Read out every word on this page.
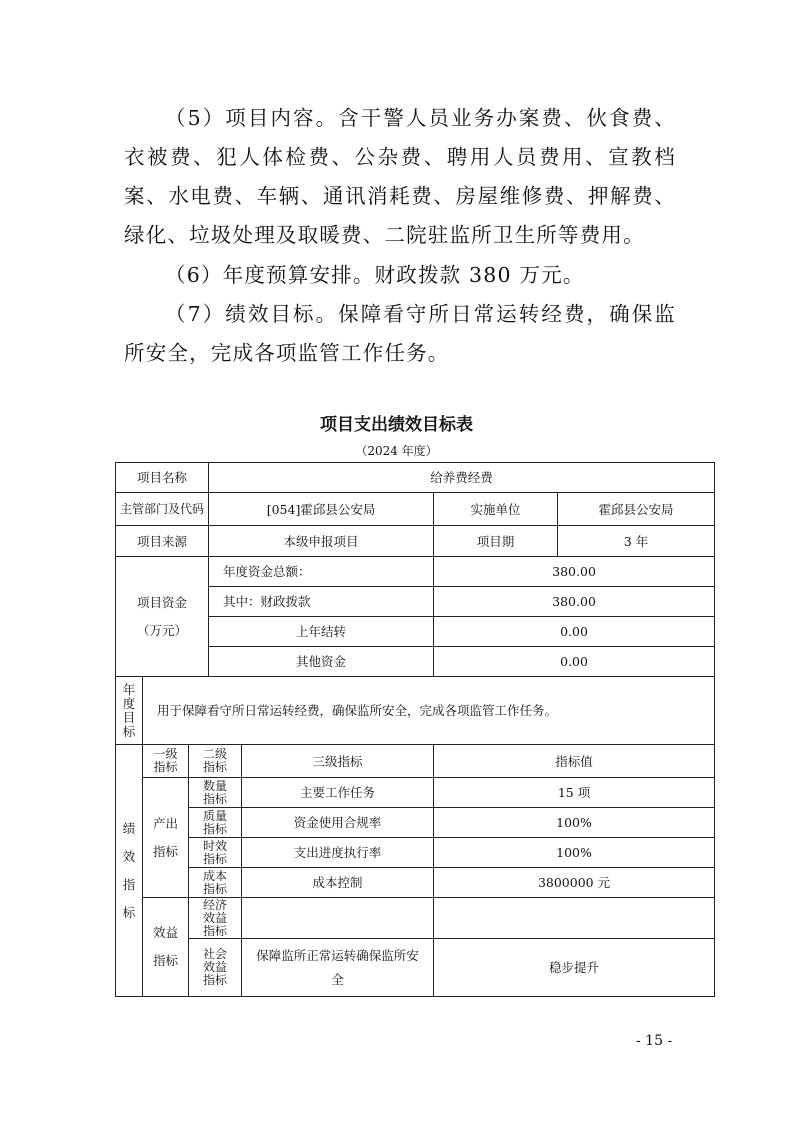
（5）项目内容。含干警人员业务办案费、伙食费、衣被费、犯人体检费、公杂费、聘用人员费用、宣教档案、水电费、车辆、通讯消耗费、房屋维修费、押解费、绿化、垃圾处理及取暖费、二院驻监所卫生所等费用。

（6）年度预算安排。财政拨款 380 万元。

（7）绩效目标。保障看守所日常运转经费，确保监所安全，完成各项监管工作任务。

项目支出绩效目标表

（2024 年度）
项目名称			给养费经费			
主管部门及代码			[054]霍邱县公安局		实施单位	霍邱县公安局
项目来源			本级申报项目		项目期	3 年

项目资金
（万元）			年度资金总额：		380.00	
			其中：财政拨款		380.00	
			上年结转		0.00	
			其他资金		0.00	
年度目标	用于保障看守所日常运转经费，确保监所安全，完成各项监管工作任务。					
绩效指标	一级指标	二级指标		三级指标	指标值	
	产出指标	数量指标		主要工作任务	15 项	
		质量指标		资金使用合规率	100%	
		时效指标		支出进度执行率	100%	
		成本指标		成本控制	3800000 元	
	效益指标	经济效益指标				
		社会效益指标		保障监所正常运转确保监所安全	稳步提升	
- 15 -
